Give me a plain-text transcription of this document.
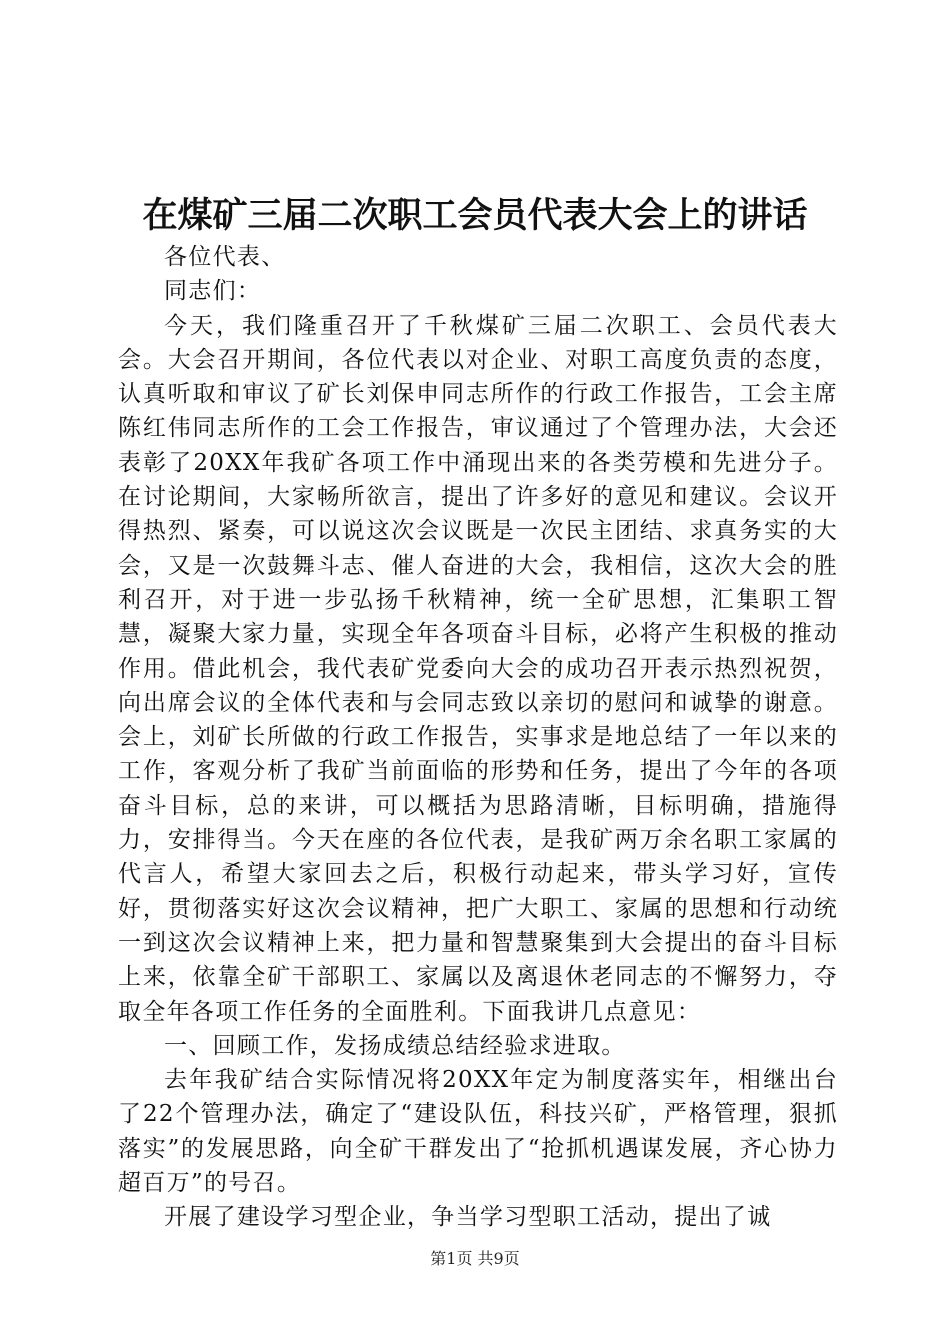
在煤矿三届二次职工会员代表大会上的讲话

各位代表、

同志们：

今天，我们隆重召开了千秋煤矿三届二次职工、会员代表大会。大会召开期间，各位代表以对企业、对职工高度负责的态度，认真听取和审议了矿长刘保申同志所作的行政工作报告，工会主席陈红伟同志所作的工会工作报告，审议通过了个管理办法，大会还表彰了20XX年我矿各项工作中涌现出来的各类劳模和先进分子。在讨论期间，大家畅所欲言，提出了许多好的意见和建议。会议开得热烈、紧奏，可以说这次会议既是一次民主团结、求真务实的大会，又是一次鼓舞斗志、催人奋进的大会，我相信，这次大会的胜利召开，对于进一步弘扬千秋精神，统一全矿思想，汇集职工智慧，凝聚大家力量，实现全年各项奋斗目标，必将产生积极的推动作用。借此机会，我代表矿党委向大会的成功召开表示热烈祝贺，向出席会议的全体代表和与会同志致以亲切的慰问和诚挚的谢意。会上，刘矿长所做的行政工作报告，实事求是地总结了一年以来的工作，客观分析了我矿当前面临的形势和任务，提出了今年的各项奋斗目标，总的来讲，可以概括为思路清晰，目标明确，措施得力，安排得当。今天在座的各位代表，是我矿两万余名职工家属的代言人，希望大家回去之后，积极行动起来，带头学习好，宣传好，贯彻落实好这次会议精神，把广大职工、家属的思想和行动统一到这次会议精神上来，把力量和智慧聚集到大会提出的奋斗目标上来，依靠全矿干部职工、家属以及离退休老同志的不懈努力，夺取全年各项工作任务的全面胜利。下面我讲几点意见：

一、回顾工作，发扬成绩总结经验求进取。

去年我矿结合实际情况将20XX年定为制度落实年，相继出台了22个管理办法，确定了“建设队伍，科技兴矿，严格管理，狠抓落实”的发展思路，向全矿干群发出了“抢抓机遇谋发展，齐心协力超百万”的号召。

开展了建设学习型企业，争当学习型职工活动，提出了诚

第1页 共9页
